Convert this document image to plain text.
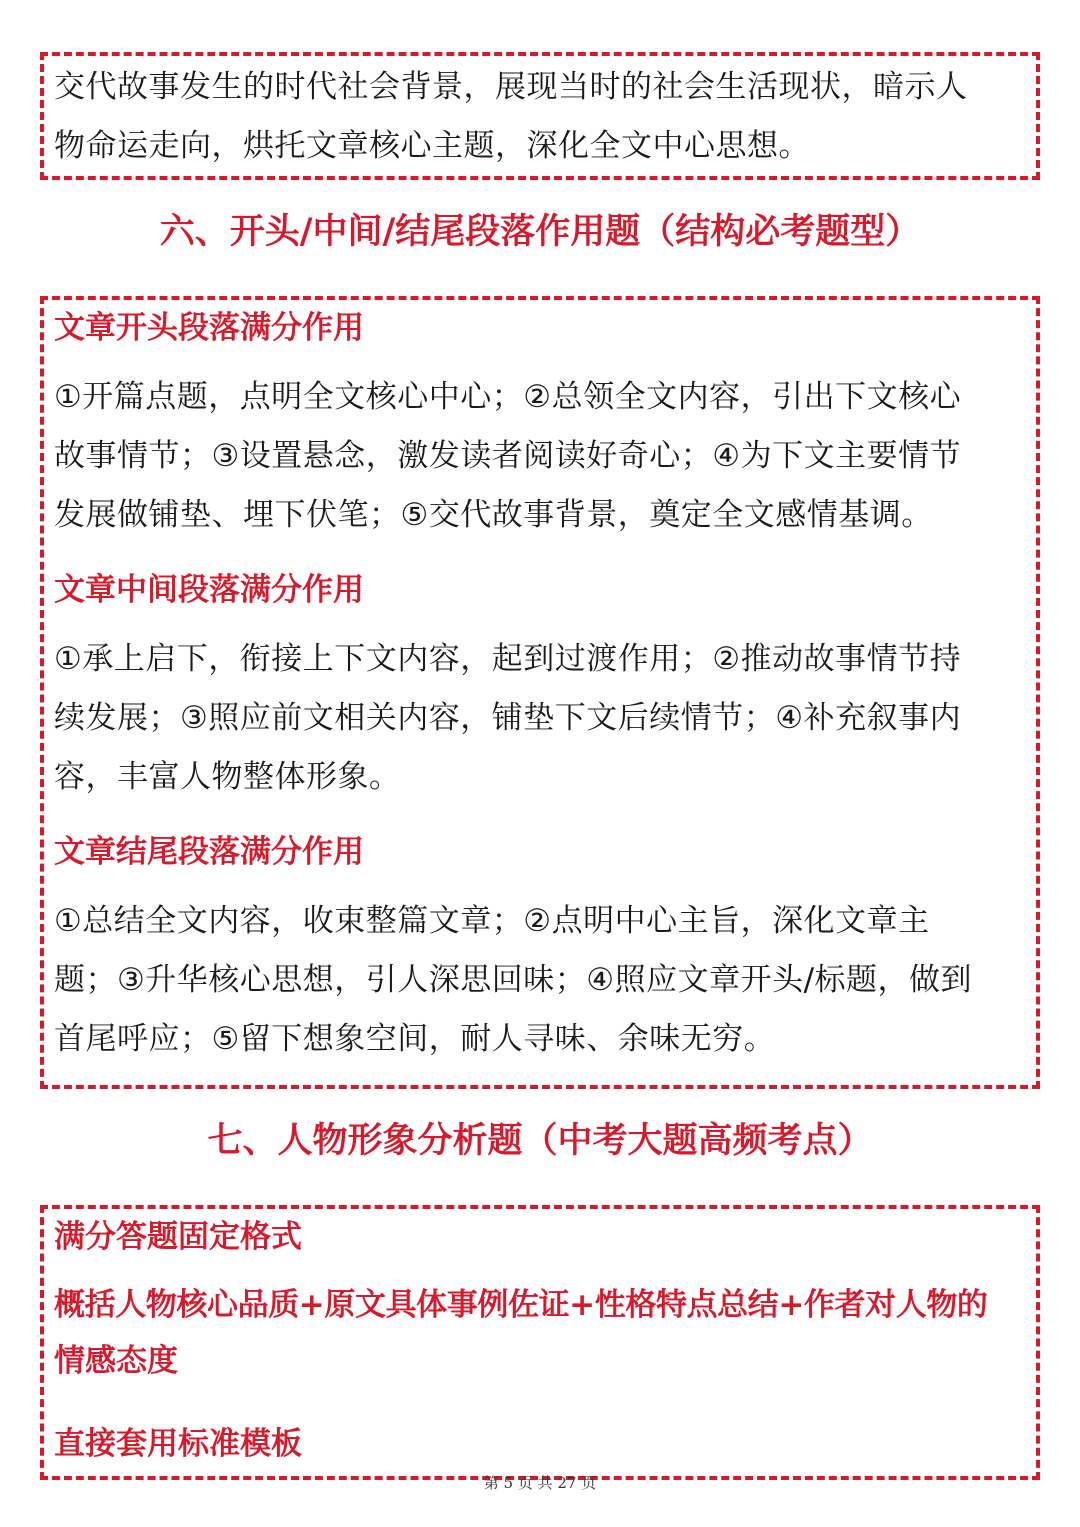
交代故事发生的时代社会背景，展现当时的社会生活现状，暗示人

物命运走向，烘托文章核心主题，深化全文中心思想。

六、开头/中间/结尾段落作用题（结构必考题型）

文章开头段落满分作用

①开篇点题，点明全文核心中心；②总领全文内容，引出下文核心

故事情节；③设置悬念，激发读者阅读好奇心；④为下文主要情节

发展做铺垫、埋下伏笔；⑤交代故事背景，奠定全文感情基调。

文章中间段落满分作用

①承上启下，衔接上下文内容，起到过渡作用；②推动故事情节持

续发展；③照应前文相关内容，铺垫下文后续情节；④补充叙事内

容，丰富人物整体形象。

文章结尾段落满分作用

①总结全文内容，收束整篇文章；②点明中心主旨，深化文章主

题；③升华核心思想，引人深思回味；④照应文章开头/标题，做到

首尾呼应；⑤留下想象空间，耐人寻味、余味无穷。

七、人物形象分析题（中考大题高频考点）

满分答题固定格式

概括人物核心品质+原文具体事例佐证+性格特点总结+作者对人物的

情感态度

直接套用标准模板

第 5 页 共 27 页
